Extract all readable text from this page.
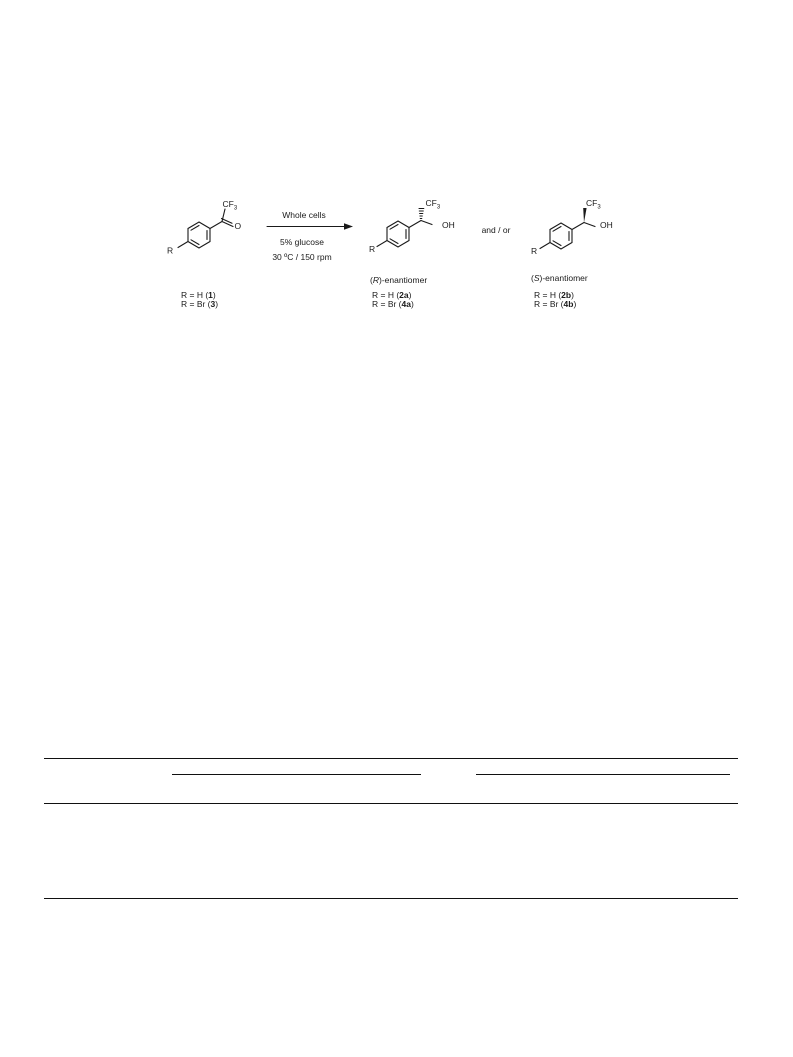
$CF_3$
O
R
R = H (1)
R = Br (3)
Whole cells
5% glucose
30 ºC / 150 rpm
$CF_3$
OH
R
(R)-enantiomer
R = H (2a)
R = Br (4a)
and / or
$CF_3$
OH
R
(S)-enantiomer
R = H (2b)
R = Br (4b)
